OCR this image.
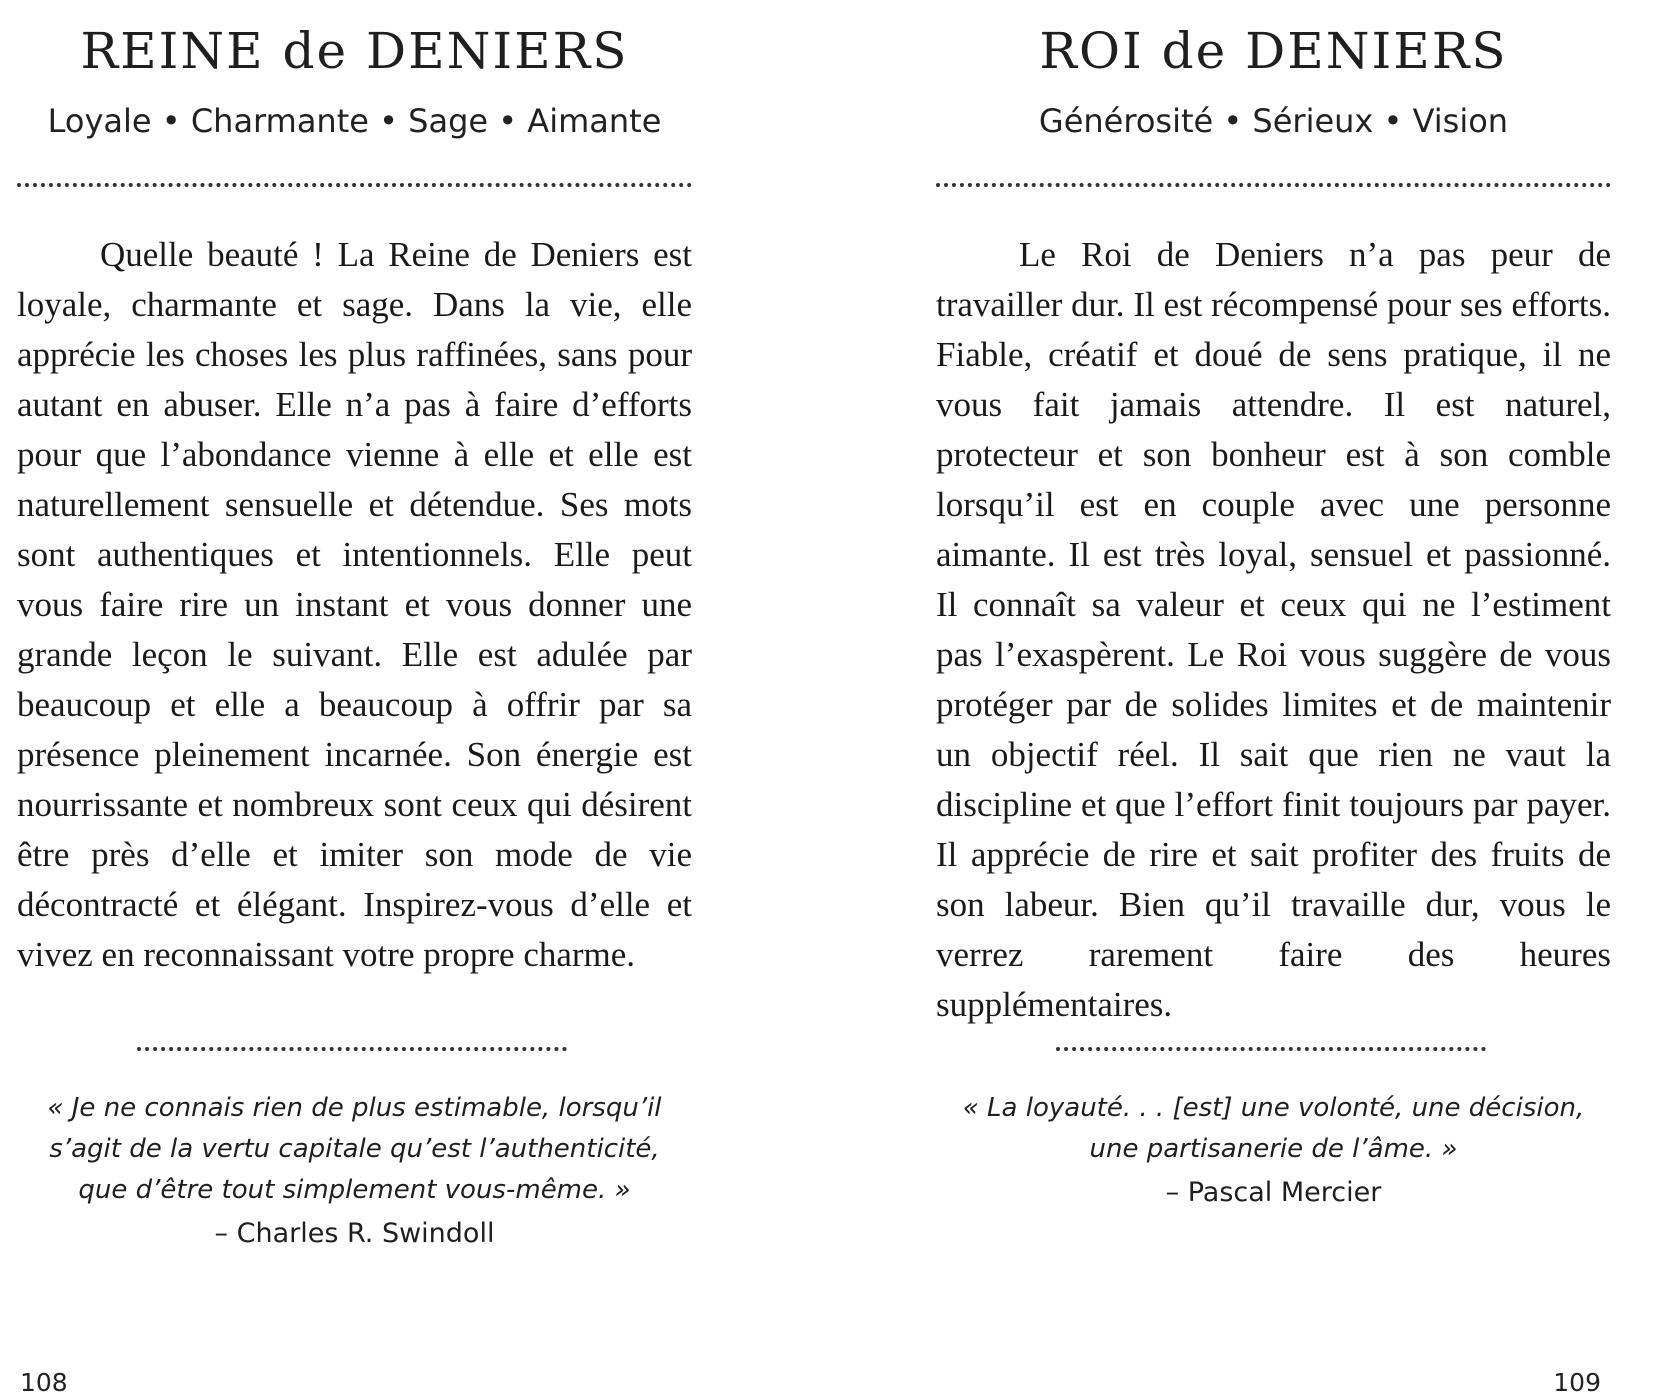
REINE de DENIERS
Loyale • Charmante • Sage • Aimante

Quelle beauté ! La Reine de Deniers est loyale, charmante et sage. Dans la vie, elle apprécie les choses les plus raffinées, sans pour autant en abuser. Elle n’a pas à faire d’efforts pour que l’abondance vienne à elle et elle est naturellement sensuelle et détendue. Ses mots sont authentiques et intentionnels. Elle peut vous faire rire un instant et vous donner une grande leçon le suivant. Elle est adulée par beaucoup et elle a beaucoup à offrir par sa présence pleinement incarnée. Son énergie est nourrissante et nombreux sont ceux qui désirent être près d’elle et imiter son mode de vie décontracté et élégant. Inspirez-vous d’elle et vivez en reconnaissant votre propre charme.

« Je ne connais rien de plus estimable, lorsqu’il s’agit de la vertu capitale qu’est l’authenticité, que d’être tout simplement vous-même. »

– Charles R. Swindoll
108
ROI de DENIERS
Générosité • Sérieux • Vision

Le Roi de Deniers n’a pas peur de travailler dur. Il est récompensé pour ses efforts. Fiable, créatif et doué de sens pratique, il ne vous fait jamais attendre. Il est naturel, protecteur et son bonheur est à son comble lorsqu’il est en couple avec une personne aimante. Il est très loyal, sensuel et passionné. Il connaît sa valeur et ceux qui ne l’estiment pas l’exaspèrent. Le Roi vous suggère de vous protéger par de solides limites et de maintenir un objectif réel. Il sait que rien ne vaut la discipline et que l’effort finit toujours par payer. Il apprécie de rire et sait profiter des fruits de son labeur. Bien qu’il travaille dur, vous le verrez rarement faire des heures supplémentaires.

« La loyauté. . . [est] une volonté, une décision, une partisanerie de l’âme. »

– Pascal Mercier
109
